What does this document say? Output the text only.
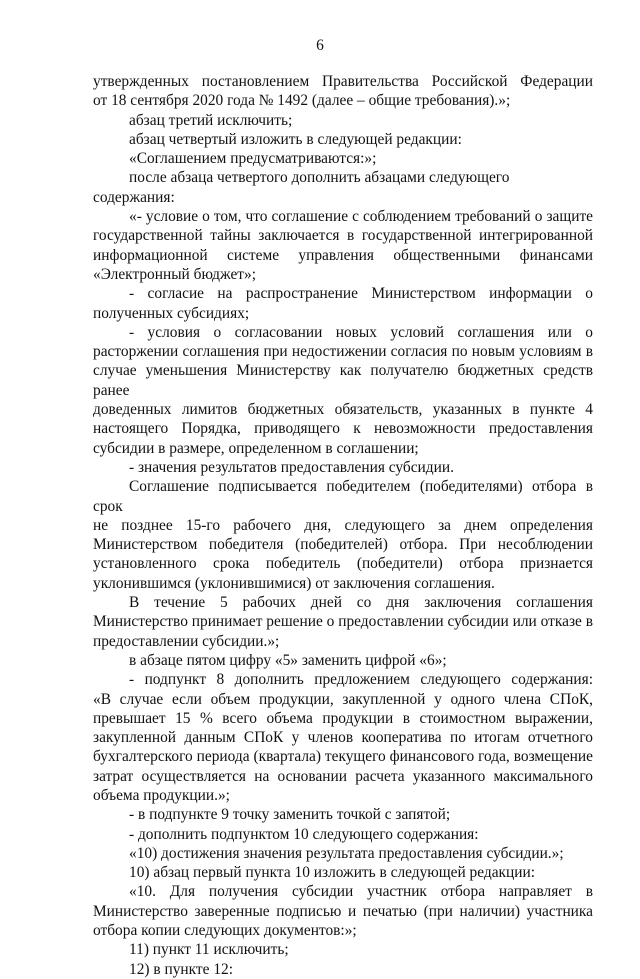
6

утвержденных постановлением Правительства Российской Федерации

от 18 сентября 2020 года № 1492 (далее – общие требования).»;

абзац третий исключить;

абзац четвертый изложить в следующей редакции:

«Соглашением предусматриваются:»;

после абзаца четвертого дополнить абзацами следующего содержания:

«- условие о том, что соглашение с соблюдением требований о защите

государственной тайны заключается в государственной интегрированной

информационной системе управления общественными финансами

«Электронный бюджет»;

- согласие на распространение Министерством информации о

полученных субсидиях;

- условия о согласовании новых условий соглашения или о

расторжении соглашения при недостижении согласия по новым условиям в

случае уменьшения Министерству как получателю бюджетных средств ранее

доведенных лимитов бюджетных обязательств, указанных в пункте 4

настоящего Порядка, приводящего к невозможности предоставления

субсидии в размере, определенном в соглашении;

- значения результатов предоставления субсидии.

Соглашение подписывается победителем (победителями) отбора в срок

не позднее 15-го рабочего дня, следующего за днем определения

Министерством победителя (победителей) отбора. При несоблюдении

установленного срока победитель (победители) отбора признается

уклонившимся (уклонившимися) от заключения соглашения.

В течение 5 рабочих дней со дня заключения соглашения

Министерство принимает решение о предоставлении субсидии или отказе в

предоставлении субсидии.»;

в абзаце пятом цифру «5» заменить цифрой «6»;

- подпункт 8 дополнить предложением следующего содержания:

«В случае если объем продукции, закупленной у одного члена СПоК,

превышает 15 % всего объема продукции в стоимостном выражении,

закупленной данным СПоК у членов кооператива по итогам отчетного

бухгалтерского периода (квартала) текущего финансового года, возмещение

затрат осуществляется на основании расчета указанного максимального

объема продукции.»;

- в подпункте 9 точку заменить точкой с запятой;

- дополнить подпунктом 10 следующего содержания:

«10) достижения значения результата предоставления субсидии.»;

10) абзац первый пункта 10 изложить в следующей редакции:

«10. Для получения субсидии участник отбора направляет в

Министерство заверенные подписью и печатью (при наличии) участника

отбора копии следующих документов:»;

11) пункт 11 исключить;

12) в пункте 12:
